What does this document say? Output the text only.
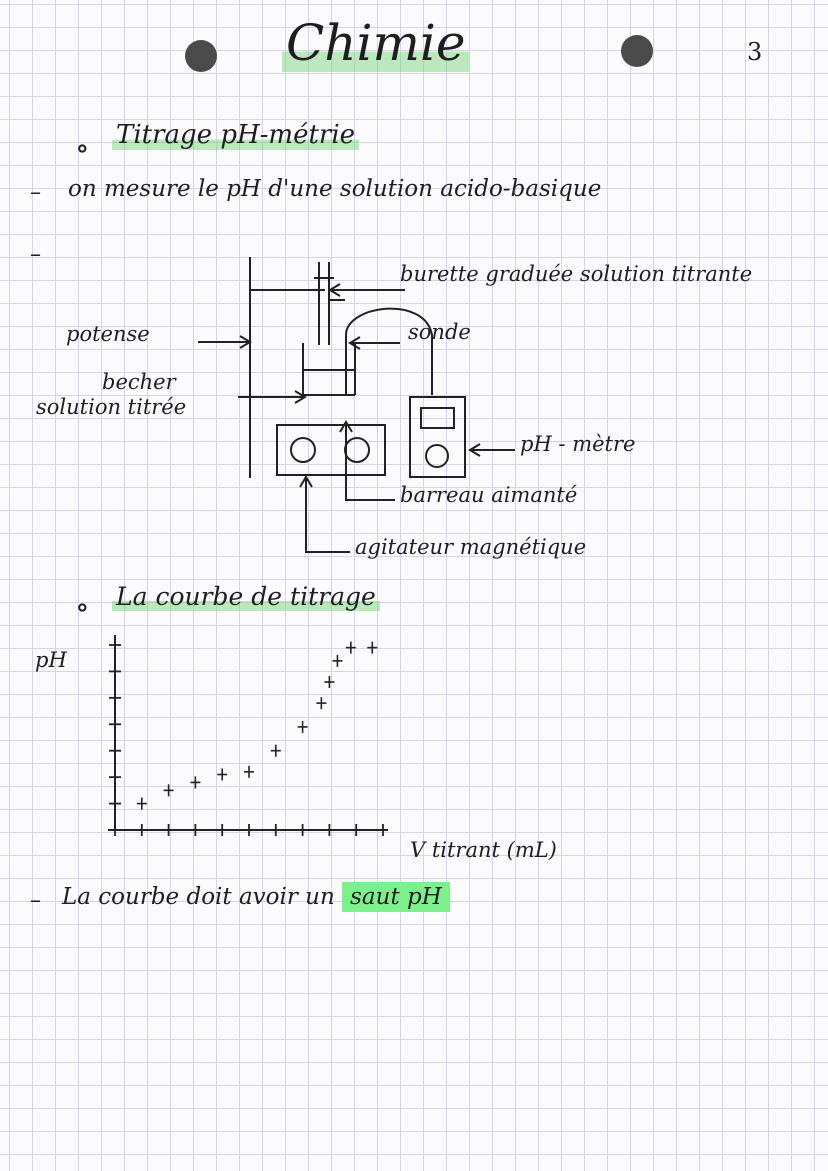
Chimie	3
∘ Titrage pH-métrie
– on mesure le pH d'une solution acido-basique
–
burette graduée solution titrante
sonde
potense
becher
solution titrée
pH - mètre
barreau aimanté
agitateur magnétique
∘ La courbe de titrage
pH
V titrant (mL)
– La courbe doit avoir un saut pH
